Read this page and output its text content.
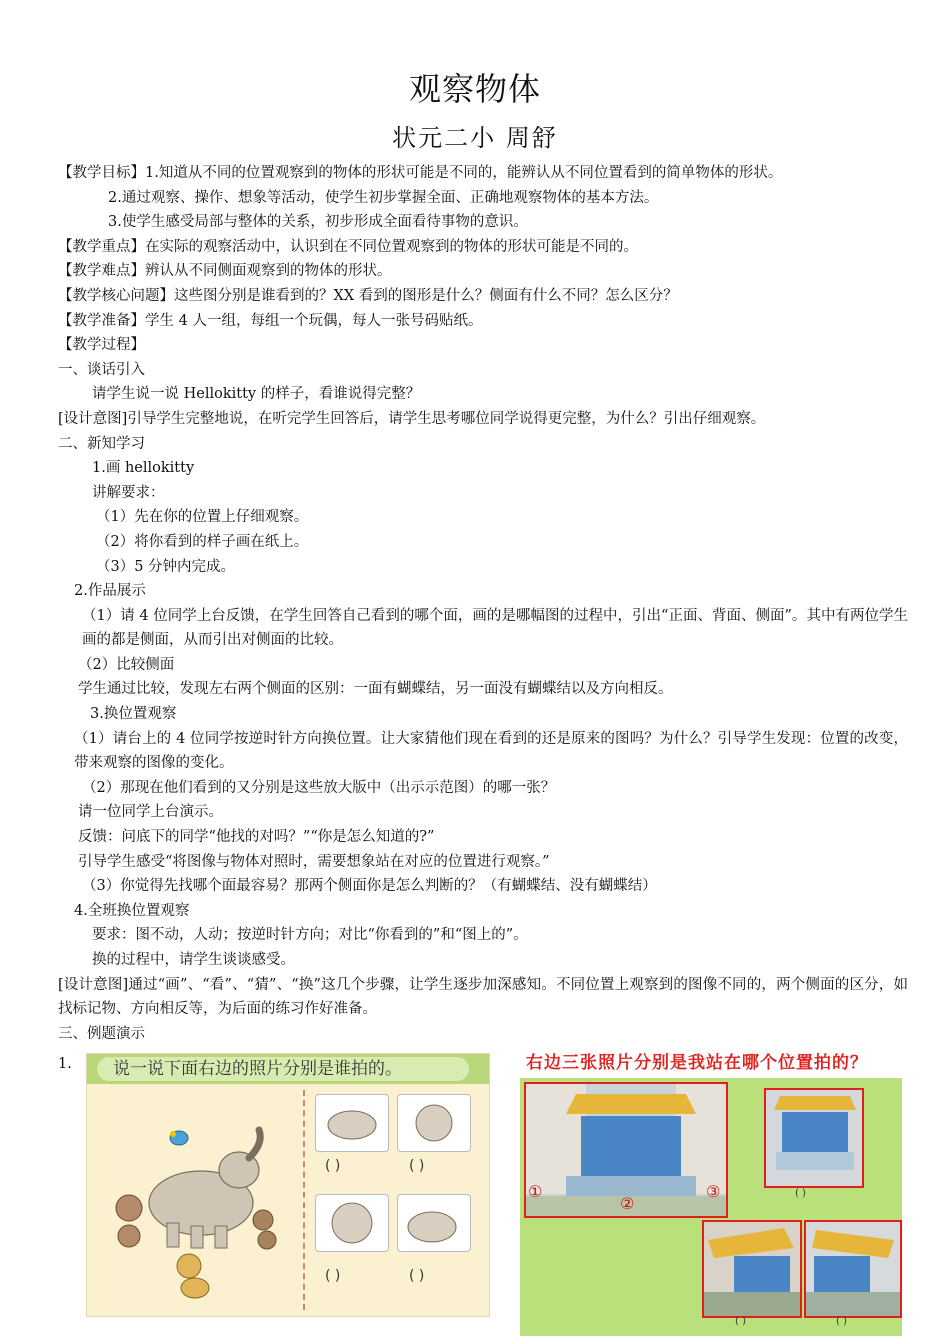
观察物体
状元二小 周舒
【教学目标】1.知道从不同的位置观察到的物体的形状可能是不同的，能辨认从不同位置看到的简单物体的形状。
2.通过观察、操作、想象等活动，使学生初步掌握全面、正确地观察物体的基本方法。
3.使学生感受局部与整体的关系，初步形成全面看待事物的意识。
【教学重点】在实际的观察活动中，认识到在不同位置观察到的物体的形状可能是不同的。
【教学难点】辨认从不同侧面观察到的物体的形状。
【教学核心问题】这些图分别是谁看到的？XX 看到的图形是什么？侧面有什么不同？怎么区分？
【教学准备】学生 4 人一组，每组一个玩偶，每人一张号码贴纸。
【教学过程】
一、谈话引入
请学生说一说 Hellokitty 的样子，看谁说得完整？
[设计意图]引导学生完整地说，在听完学生回答后，请学生思考哪位同学说得更完整，为什么？引出仔细观察。
二、新知学习
1.画 hellokitty
讲解要求：
（1）先在你的位置上仔细观察。
（2）将你看到的样子画在纸上。
（3）5 分钟内完成。
2.作品展示
（1）请 4 位同学上台反馈，在学生回答自己看到的哪个面，画的是哪幅图的过程中，引出“正面、背面、侧面”。其中有两位学生画的都是侧面，从而引出对侧面的比较。
（2）比较侧面
学生通过比较，发现左右两个侧面的区别：一面有蝴蝶结，另一面没有蝴蝶结以及方向相反。
3.换位置观察
（1）请台上的 4 位同学按逆时针方向换位置。让大家猜他们现在看到的还是原来的图吗？为什么？引导学生发现：位置的改变，带来观察的图像的变化。
（2）那现在他们看到的又分别是这些放大版中（出示示范图）的哪一张？
请一位同学上台演示。
反馈：问底下的同学“他找的对吗？”“你是怎么知道的?”
引导学生感受“将图像与物体对照时，需要想象站在对应的位置进行观察。”
（3）你觉得先找哪个面最容易？那两个侧面你是怎么判断的？（有蝴蝶结、没有蝴蝶结）
4.全班换位置观察
要求：图不动，人动；按逆时针方向；对比“你看到的”和“图上的”。
换的过程中，请学生谈谈感受。
[设计意图]通过“画”、“看”、“猜”、“换”这几个步骤，让学生逐步加深感知。不同位置上观察到的图像不同的，两个侧面的区分，如找标记物、方向相反等，为后面的练习作好准备。
三、例题演示
1.	说一说下面右边的照片分别是谁拍的。
( )	( )
( )	( )
右边三张照片分别是我站在哪个位置拍的？
①
②
③	( )
( )	( )
